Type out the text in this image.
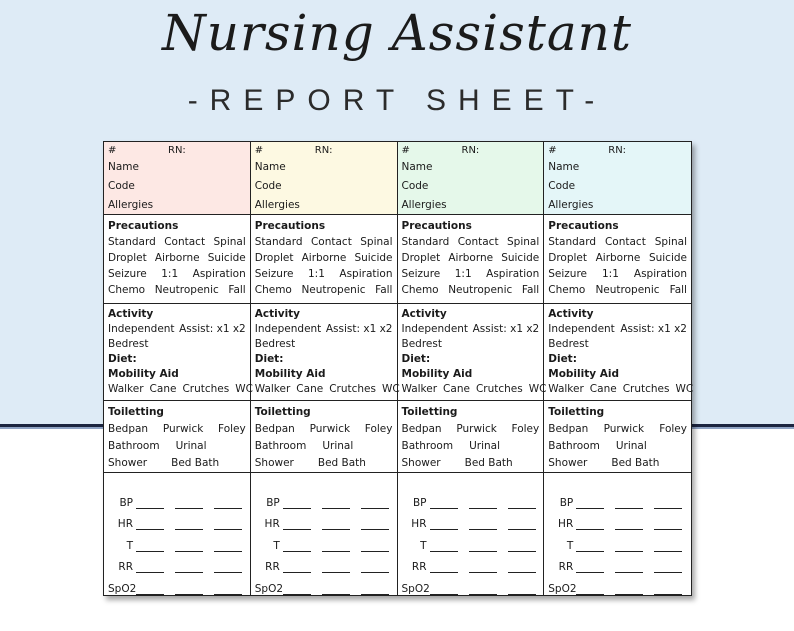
Nursing Assistant
-REPORT SHEET-
#	RN:
Name
Code
Allergies
Precautions
Standard Contact Spinal
Droplet Airborne Suicide
Seizure 1:1 Aspiration
Chemo Neutropenic Fall
Activity
Independent Assist: x1 x2
Bedrest
Diet:
Mobility Aid
Walker Cane Crutches WC
Toiletting
Bedpan Purwick Foley
Bathroom Urinal
Shower Bed Bath
BP
HR
T
RR
SpO2
#	RN:
Name
Code
Allergies
Precautions
Standard Contact Spinal
Droplet Airborne Suicide
Seizure 1:1 Aspiration
Chemo Neutropenic Fall
Activity
Independent Assist: x1 x2
Bedrest
Diet:
Mobility Aid
Walker Cane Crutches WC
Toiletting
Bedpan Purwick Foley
Bathroom Urinal
Shower Bed Bath
BP
HR
T
RR
SpO2
#	RN:
Name
Code
Allergies
Precautions
Standard Contact Spinal
Droplet Airborne Suicide
Seizure 1:1 Aspiration
Chemo Neutropenic Fall
Activity
Independent Assist: x1 x2
Bedrest
Diet:
Mobility Aid
Walker Cane Crutches WC
Toiletting
Bedpan Purwick Foley
Bathroom Urinal
Shower Bed Bath
BP
HR
T
RR
SpO2
#	RN:
Name
Code
Allergies
Precautions
Standard Contact Spinal
Droplet Airborne Suicide
Seizure 1:1 Aspiration
Chemo Neutropenic Fall
Activity
Independent Assist: x1 x2
Bedrest
Diet:
Mobility Aid
Walker Cane Crutches WC
Toiletting
Bedpan Purwick Foley
Bathroom Urinal
Shower Bed Bath
BP
HR
T
RR
SpO2
